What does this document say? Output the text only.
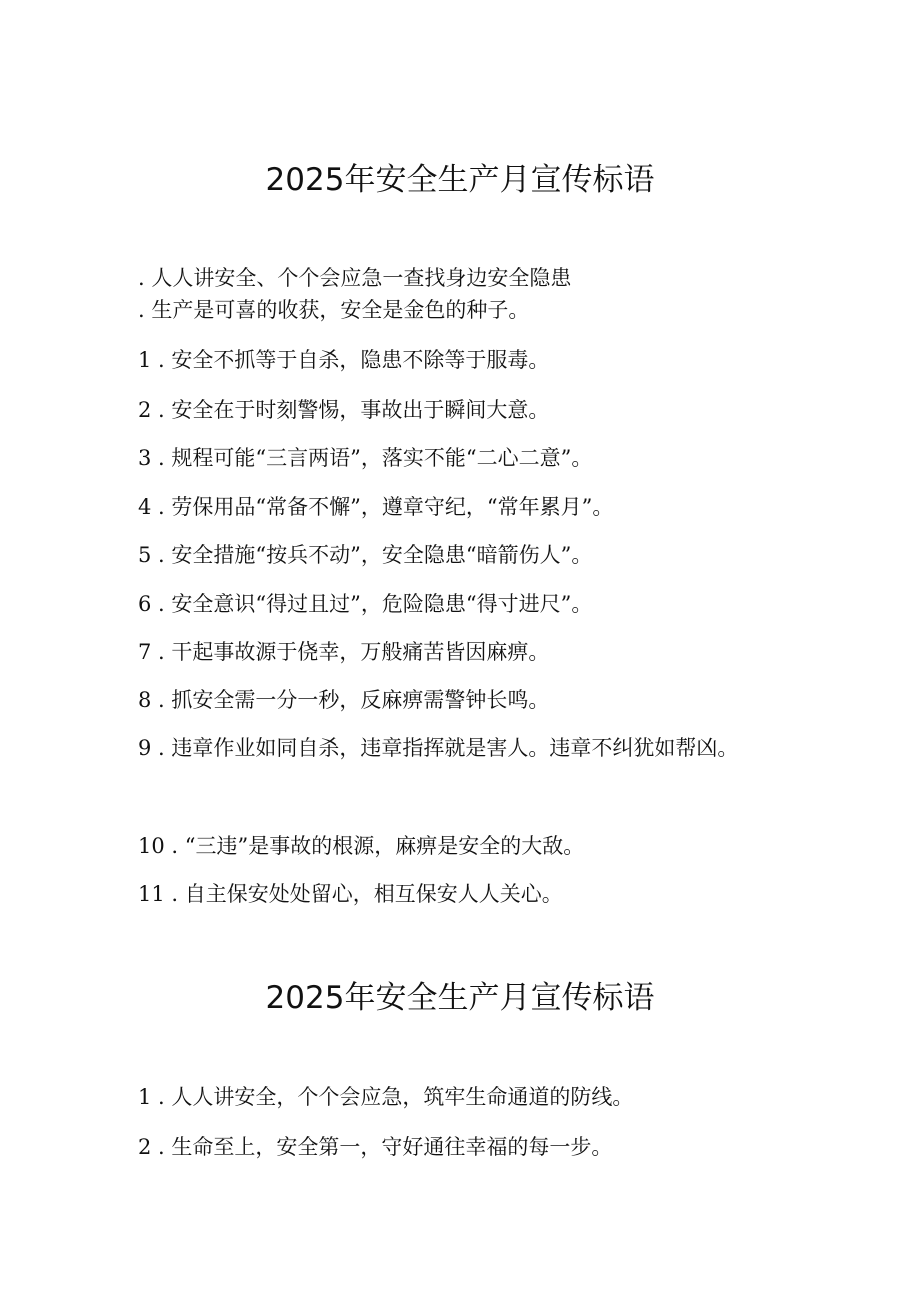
2025年安全生产月宣传标语
. 人人讲安全、个个会应急一查找身边安全隐患
. 生产是可喜的收获，安全是金色的种子。
1 . 安全不抓等于自杀，隐患不除等于服毒。
2 . 安全在于时刻警惕，事故出于瞬间大意。
3 . 规程可能“三言两语”，落实不能“二心二意”。
4 . 劳保用品“常备不懈”，遵章守纪，“常年累月”。
5 . 安全措施“按兵不动”，安全隐患“暗箭伤人”。
6 . 安全意识“得过且过”，危险隐患“得寸进尺”。
7 . 干起事故源于侥幸，万般痛苦皆因麻痹。
8 . 抓安全需一分一秒，反麻痹需警钟长鸣。
9 . 违章作业如同自杀，违章指挥就是害人。违章不纠犹如帮凶。
10 . “三违”是事故的根源，麻痹是安全的大敌。
11 . 自主保安处处留心，相互保安人人关心。
2025年安全生产月宣传标语
1 . 人人讲安全，个个会应急，筑牢生命通道的防线。
2 . 生命至上，安全第一，守好通往幸福的每一步。
